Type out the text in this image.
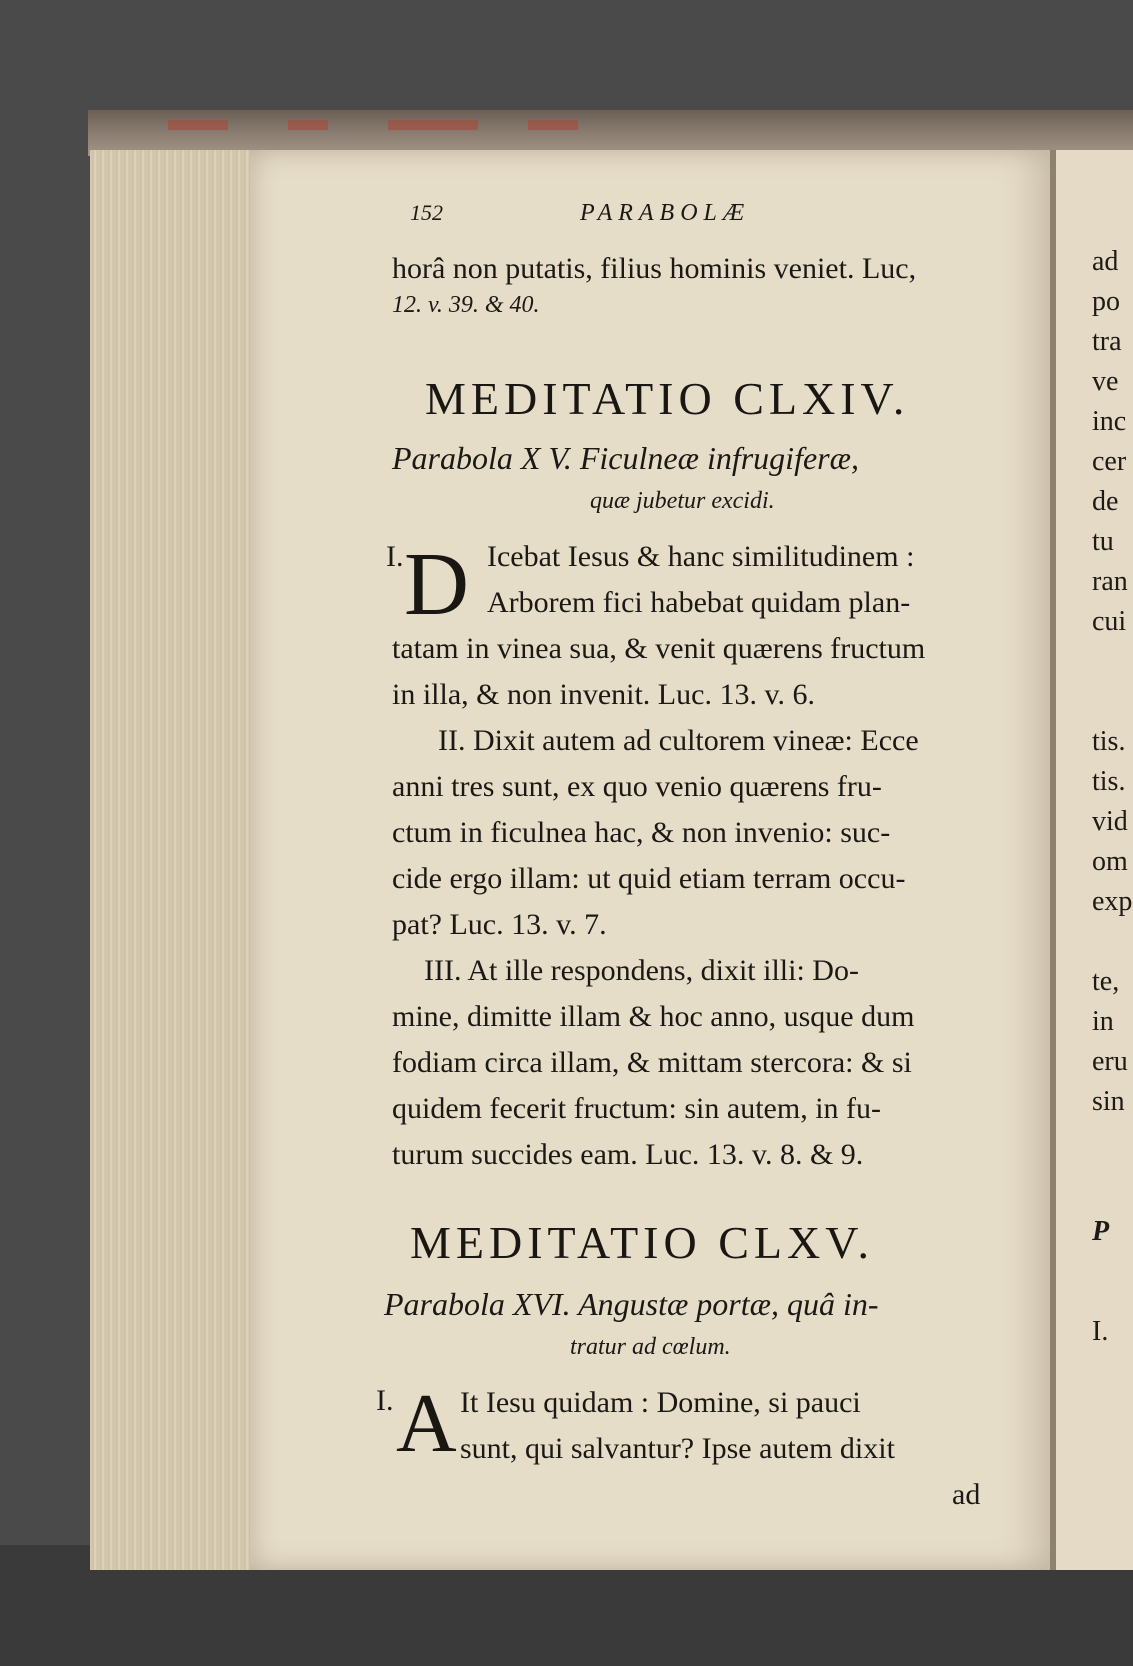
ad
po
tra
ve
inc
cer
de
tu
ran
cui
tis.
tis.
vid
om
exp
te,
in
eru
sin
P
I.
152	PARABOLÆ
horâ non putatis, filius hominis veniet. Luc,
12. v. 39. & 40.
MEDITATIO CLXIV.
Parabola X V. Ficulneæ infrugiferæ,
quæ jubetur excidi.
I. D Icebat Iesus & hanc similitudinem :
Arborem fici habebat quidam plan-
tatam in vinea sua, & venit quærens fructum
in illa, & non invenit. Luc. 13. v. 6.
II. Dixit autem ad cultorem vineæ: Ecce
anni tres sunt, ex quo venio quærens fru-
ctum in ficulnea hac, & non invenio: suc-
cide ergo illam: ut quid etiam terram occu-
pat? Luc. 13. v. 7.
III. At ille respondens, dixit illi: Do-
mine, dimitte illam & hoc anno, usque dum
fodiam circa illam, & mittam stercora: & si
quidem fecerit fructum: sin autem, in fu-
turum succides eam. Luc. 13. v. 8. & 9.
MEDITATIO CLXV.
Parabola XVI. Angustæ portæ, quâ in-
tratur ad cœlum.
I. A It Iesu quidam : Domine, si pauci
sunt, qui salvantur? Ipse autem dixit
ad
